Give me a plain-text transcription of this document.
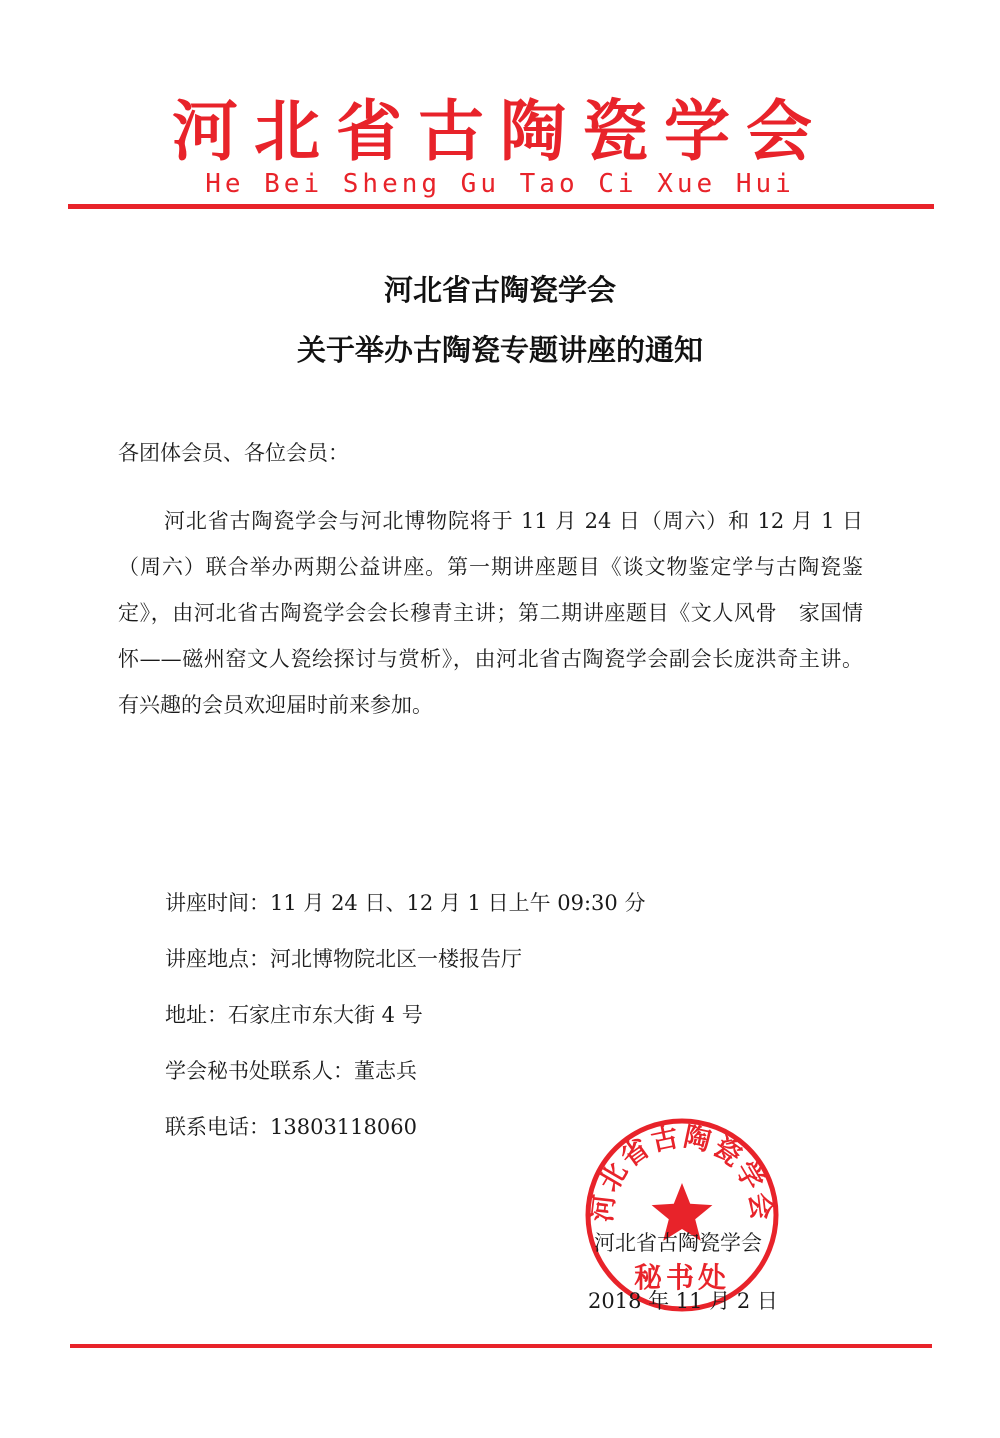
河北省古陶瓷学会
He Bei Sheng Gu Tao Ci Xue Hui
河北省古陶瓷学会
关于举办古陶瓷专题讲座的通知
各团体会员、各位会员：
河北省古陶瓷学会与河北博物院将于 11 月 24 日（周六）和 12 月 1 日（周六）联合举办两期公益讲座。第一期讲座题目《谈文物鉴定学与古陶瓷鉴定》，由河北省古陶瓷学会会长穆青主讲；第二期讲座题目《文人风骨　家国情怀——磁州窑文人瓷绘探讨与赏析》，由河北省古陶瓷学会副会长庞洪奇主讲。有兴趣的会员欢迎届时前来参加。
讲座时间：11 月 24 日、12 月 1 日上午 09:30 分
讲座地点：河北博物院北区一楼报告厅
地址：石家庄市东大街 4 号
学会秘书处联系人：董志兵
联系电话：13803118060
河北省古陶瓷学会
秘书处
河北省古陶瓷学会
2018 年 11 月 2 日
